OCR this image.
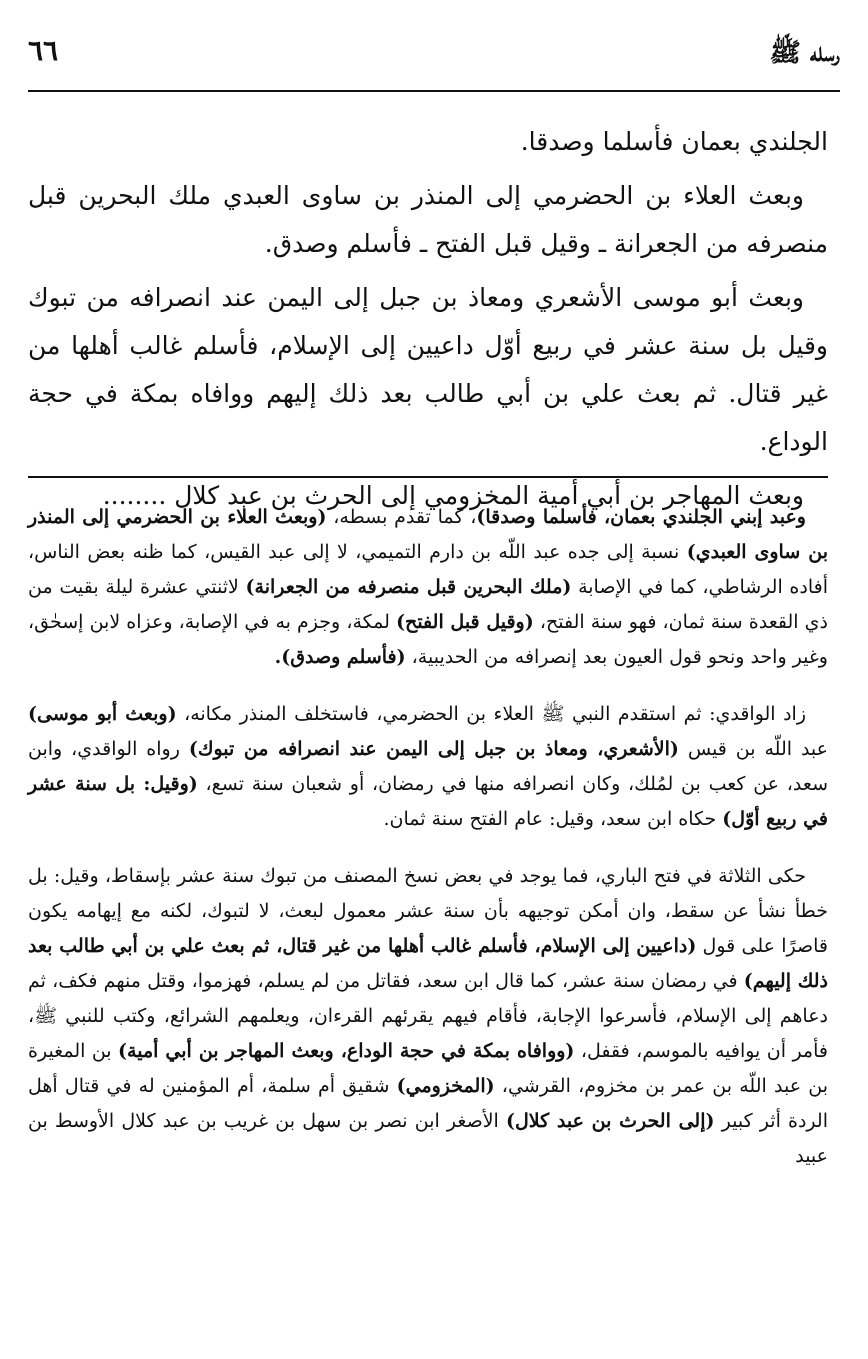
رسله ﷺ
٦٦

الجلندي بعمان فأسلما وصدقا.

وبعث العلاء بن الحضرمي إلى المنذر بن ساوى العبدي ملك البحرين قبل منصرفه من الجعرانة ـ وقيل قبل الفتح ـ فأسلم وصدق.

وبعث أبو موسى الأشعري ومعاذ بن جبل إلى اليمن عند انصرافه من تبوك وقيل بل سنة عشر في ربيع أوّل داعيين إلى الإسلام، فأسلم غالب أهلها من غير قتال. ثم بعث علي بن أبي طالب بعد ذلك إليهم ووافاه بمكة في حجة الوداع.

وبعث المهاجر بن أبي أمية المخزومي إلى الحرث بن عبد كلال ........

وعبد إبني الجلندي بعمان، فأسلما وصدقا)، كما تقدم بسطه، (وبعث العلاء بن الحضرمي إلى المنذر بن ساوى العبدي) نسبة إلى جده عبد اللّه بن دارم التميمي، لا إلى عبد القيس، كما ظنه بعض الناس، أفاده الرشاطي، كما في الإصابة (ملك البحرين قبل منصرفه من الجعرانة) لاثنتي عشرة ليلة بقيت من ذي القعدة سنة ثمان، فهو سنة الفتح، (وقيل قبل الفتح) لمكة، وجزم به في الإصابة، وعزاه لابن إسحٰق، وغير واحد ونحو قول العيون بعد إنصرافه من الحديبية، (فأسلم وصدق).

زاد الواقدي: ثم استقدم النبي ﷺ العلاء بن الحضرمي، فاستخلف المنذر مكانه، (وبعث أبو موسى) عبد اللّه بن قيس (الأشعري، ومعاذ بن جبل إلى اليمن عند انصرافه من تبوك) رواه الواقدي، وابن سعد، عن كعب بن لمُلك، وكان انصرافه منها في رمضان، أو شعبان سنة تسع، (وقيل: بل سنة عشر في ربيع أوّل) حكاه ابن سعد، وقيل: عام الفتح سنة ثمان.

حكى الثلاثة في فتح الباري، فما يوجد في بعض نسخ المصنف من تبوك سنة عشر بإسقاط، وقيل: بل خطأ نشأ عن سقط، وان أمكن توجيهه بأن سنة عشر معمول لبعث، لا لتبوك، لكنه مع إيهامه يكون قاصرًا على قول (داعيين إلى الإسلام، فأسلم غالب أهلها من غير قتال، ثم بعث علي بن أبي طالب بعد ذلك إليهم) في رمضان سنة عشر، كما قال ابن سعد، فقاتل من لم يسلم، فهزموا، وقتل منهم فكف، ثم دعاهم إلى الإسلام، فأسرعوا الإجابة، فأقام فيهم يقرئهم القرءان، ويعلمهم الشرائع، وكتب للنبي ﷺ، فأمر أن يوافيه بالموسم، فقفل، (ووافاه بمكة في حجة الوداع، وبعث المهاجر بن أبي أمية) بن المغيرة بن عبد اللّه بن عمر بن مخزوم، القرشي، (المخزومي) شقيق أم سلمة، أم المؤمنين له في قتال أهل الردة أثر كبير (إلى الحرث بن عبد كلال) الأصغر ابن نصر بن سهل بن غريب بن عبد كلال الأوسط بن عبيد
